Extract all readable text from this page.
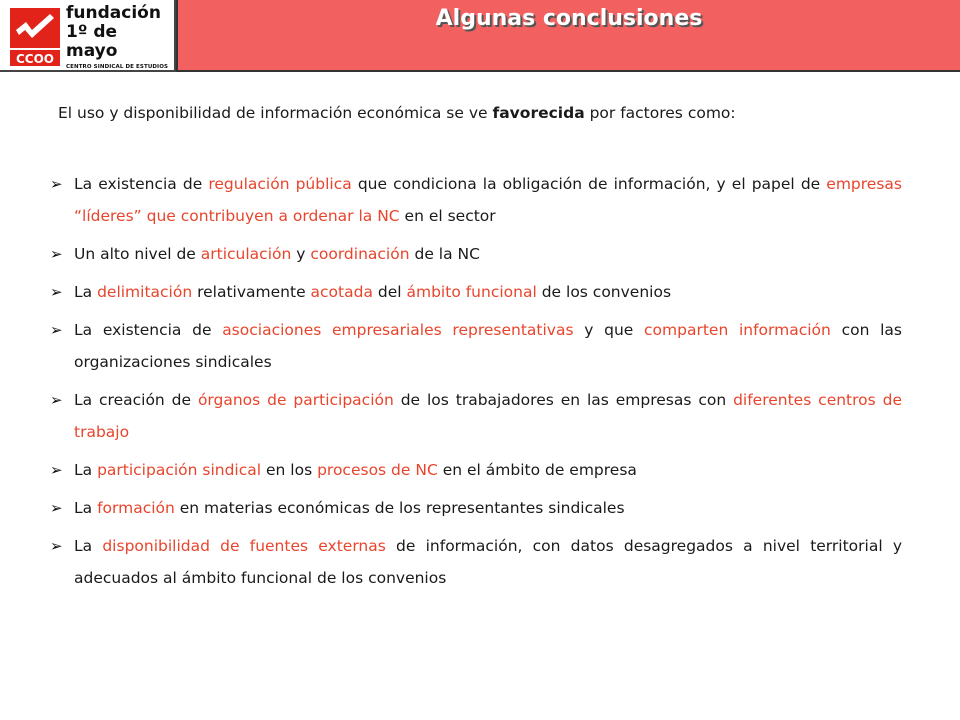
CCOO
fundación
1º de mayo
CENTRO SINDICAL DE ESTUDIOS
Algunas conclusiones
El uso y disponibilidad de información económica se ve favorecida por factores como:
➢ La existencia de regulación pública que condiciona la obligación de información, y el papel de empresas “líderes” que contribuyen a ordenar la NC en el sector
➢ Un alto nivel de articulación y coordinación de la NC
➢ La delimitación relativamente acotada del ámbito funcional de los convenios
➢ La existencia de asociaciones empresariales representativas y que comparten información con las organizaciones sindicales
➢ La creación de órganos de participación de los trabajadores en las empresas con diferentes centros de trabajo
➢ La participación sindical en los procesos de NC en el ámbito de empresa
➢ La formación en materias económicas de los representantes sindicales
➢ La disponibilidad de fuentes externas de información, con datos desagregados a nivel territorial y adecuados al ámbito funcional de los convenios
